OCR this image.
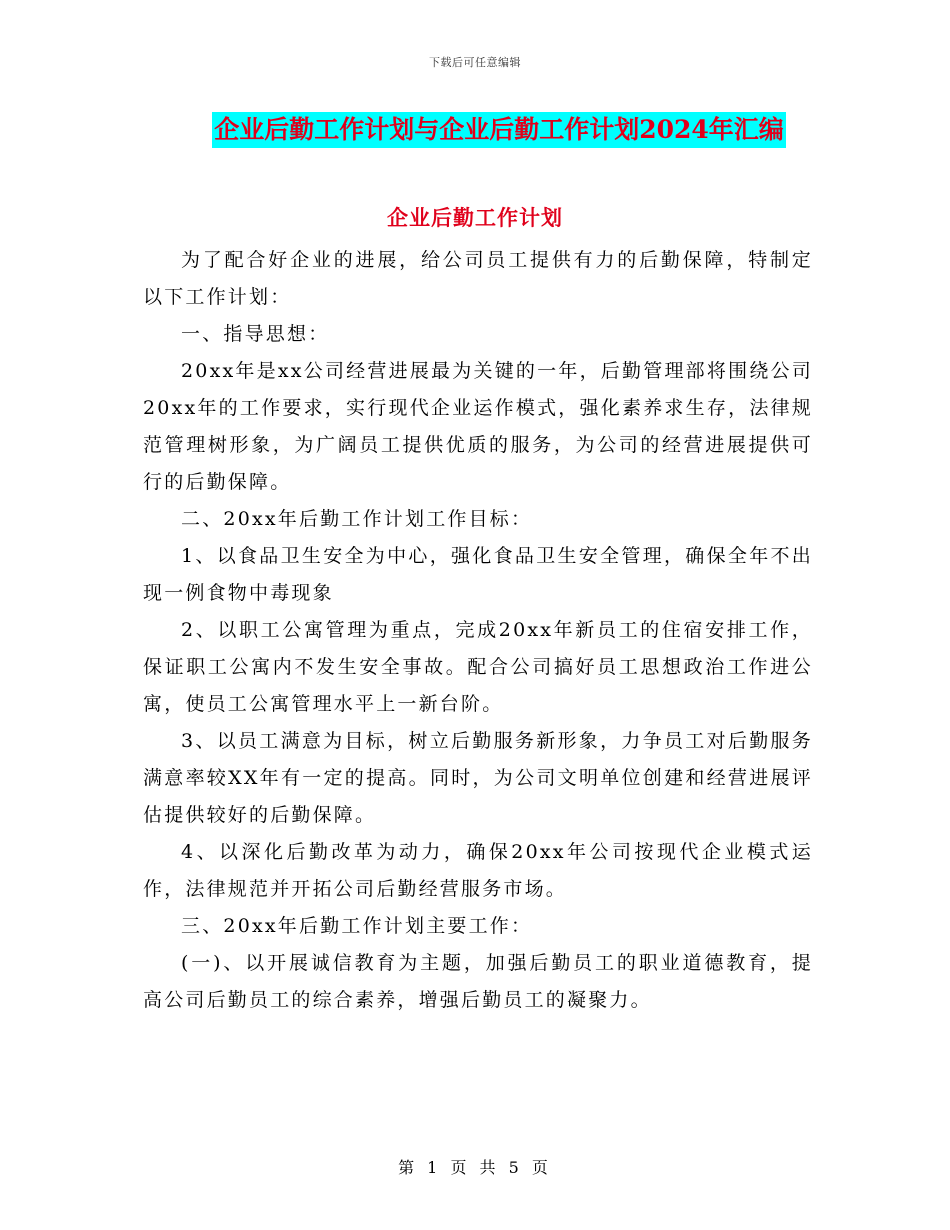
下载后可任意编辑
企业后勤工作计划与企业后勤工作计划2024年汇编
企业后勤工作计划

为了配合好企业的进展，给公司员工提供有力的后勤保障，特制定以下工作计划：

一、指导思想：

20xx年是xx公司经营进展最为关键的一年，后勤管理部将围绕公司20xx年的工作要求，实行现代企业运作模式，强化素养求生存，法律规范管理树形象，为广阔员工提供优质的服务，为公司的经营进展提供可行的后勤保障。

二、20xx年后勤工作计划工作目标：

1、以食品卫生安全为中心，强化食品卫生安全管理，确保全年不出现一例食物中毒现象

2、以职工公寓管理为重点，完成20xx年新员工的住宿安排工作，保证职工公寓内不发生安全事故。配合公司搞好员工思想政治工作进公寓，使员工公寓管理水平上一新台阶。

3、以员工满意为目标，树立后勤服务新形象，力争员工对后勤服务满意率较XX年有一定的提高。同时，为公司文明单位创建和经营进展评估提供较好的后勤保障。

4、以深化后勤改革为动力，确保20xx年公司按现代企业模式运作，法律规范并开拓公司后勤经营服务市场。

三、20xx年后勤工作计划主要工作：

(一)、以开展诚信教育为主题，加强后勤员工的职业道德教育，提高公司后勤员工的综合素养，增强后勤员工的凝聚力。

第 1 页 共 5 页
